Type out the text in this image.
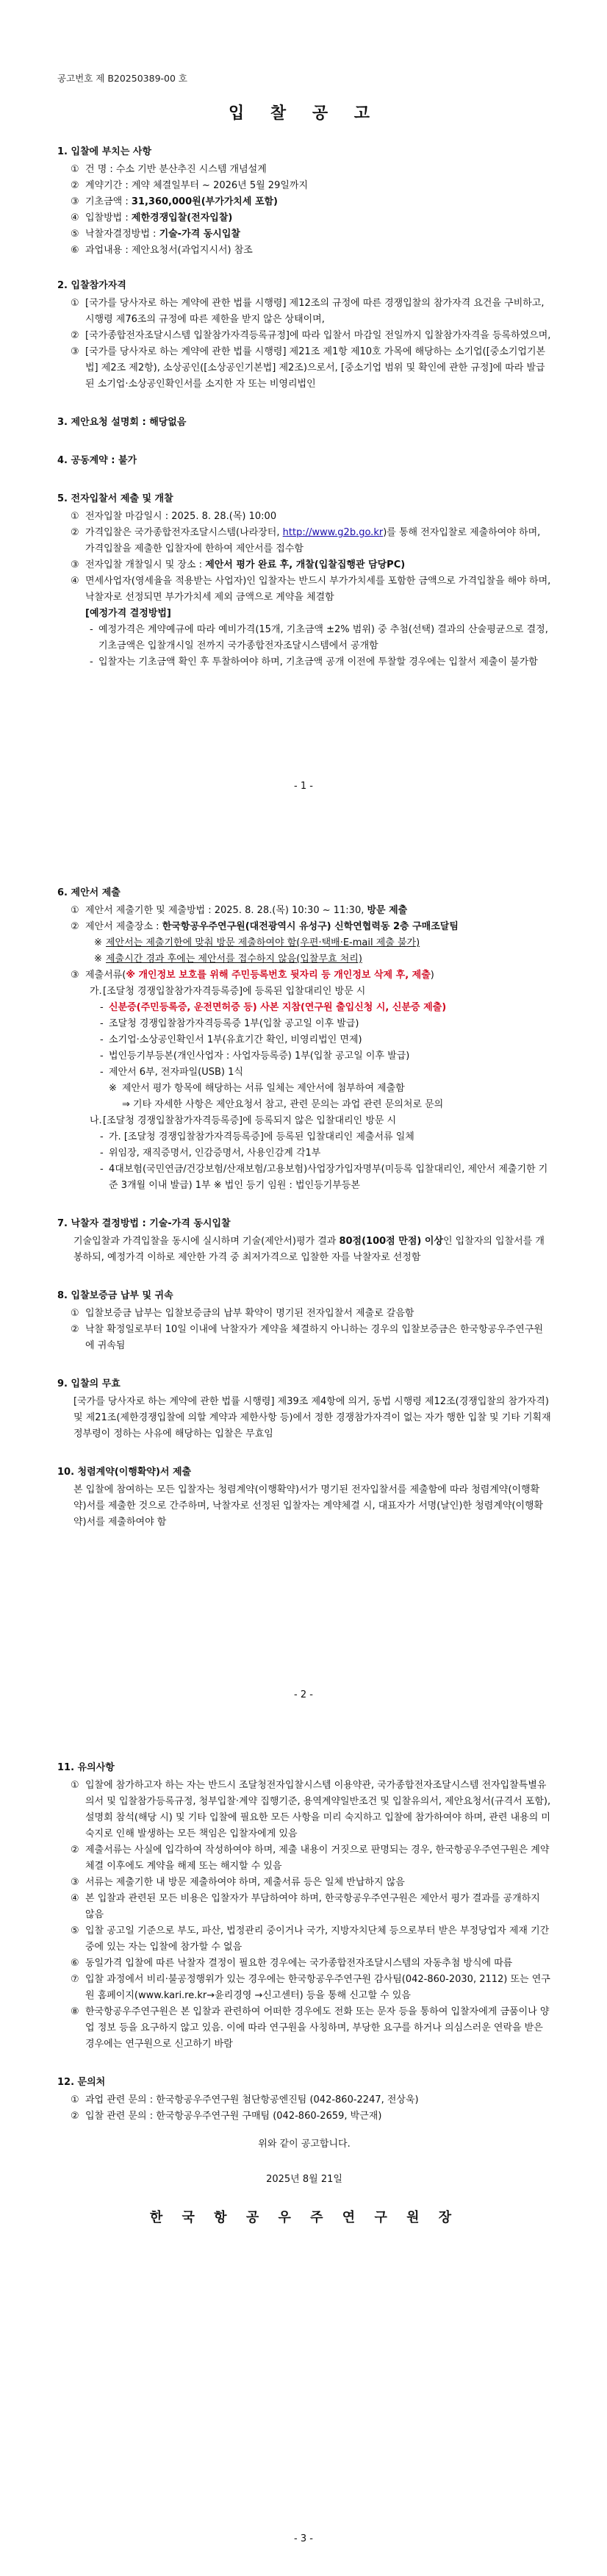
공고번호 제 B20250389-00 호
입 찰 공 고
1. 입찰에 부치는 사항
① 건 명 : 수소 기반 분산추진 시스템 개념설계
② 계약기간 : 계약 체결일부터 ~ 2026년 5월 29일까지
③ 기초금액 : 31,360,000원(부가가치세 포함)
④ 입찰방법 : 제한경쟁입찰(전자입찰)
⑤ 낙찰자결정방법 : 기술-가격 동시입찰
⑥ 과업내용 : 제안요청서(과업지시서) 참조
2. 입찰참가자격
① [국가를 당사자로 하는 계약에 관한 법률 시행령] 제12조의 규정에 따른 경쟁입찰의 참가자격 요건을 구비하고, 시행령 제76조의 규정에 따른 제한을 받지 않은 상태이며,
② [국가종합전자조달시스템 입찰참가자격등록규정]에 따라 입찰서 마감일 전일까지 입찰참가자격을 등록하였으며,
③ [국가를 당사자로 하는 계약에 관한 법률 시행령] 제21조 제1항 제10호 가목에 해당하는 소기업([중소기업기본법] 제2조 제2항), 소상공인([소상공인기본법] 제2조)으로서, [중소기업 범위 및 확인에 관한 규정]에 따라 발급된 소기업·소상공인확인서를 소지한 자 또는 비영리법인
3. 제안요청 설명회 : 해당없음
4. 공동계약 : 불가
5. 전자입찰서 제출 및 개찰
① 전자입찰 마감일시 : 2025. 8. 28.(목) 10:00
② 가격입찰은 국가종합전자조달시스템(나라장터, http://www.g2b.go.kr)를 통해 전자입찰로 제출하여야 하며, 가격입찰을 제출한 입찰자에 한하여 제안서를 접수함
③ 전자입찰 개찰일시 및 장소 : 제안서 평가 완료 후, 개찰(입찰집행관 담당PC)
④ 면세사업자(영세율을 적용받는 사업자)인 입찰자는 반드시 부가가치세를 포함한 금액으로 가격입찰을 해야 하며, 낙찰자로 선정되면 부가가치세 제외 금액으로 계약을 체결함
[예정가격 결정방법]
- 예정가격은 계약예규에 따라 예비가격(15개, 기초금액 ±2% 범위) 중 추첨(선택) 결과의 산술평균으로 결정, 기초금액은 입찰개시일 전까지 국가종합전자조달시스템에서 공개함
- 입찰자는 기초금액 확인 후 투찰하여야 하며, 기초금액 공개 이전에 투찰할 경우에는 입찰서 제출이 불가함
- 1 -
6. 제안서 제출
① 제안서 제출기한 및 제출방법 : 2025. 8. 28.(목) 10:30 ~ 11:30, 방문 제출
② 제안서 제출장소 : 한국항공우주연구원(대전광역시 유성구) 신학연협력동 2층 구매조달팀
※ 제안서는 제출기한에 맞춰 방문 제출하여야 함(우편·택배·E-mail 제출 불가)
※ 제출시간 경과 후에는 제안서를 접수하지 않음(입찰무효 처리)
③ 제출서류(※ 개인정보 보호를 위해 주민등록번호 뒷자리 등 개인정보 삭제 후, 제출)
가. [조달청 경쟁입찰참가자격등록증]에 등록된 입찰대리인 방문 시
- 신분증(주민등록증, 운전면허증 등) 사본 지참(연구원 출입신청 시, 신분증 제출)
- 조달청 경쟁입찰참가자격등록증 1부(입찰 공고일 이후 발급)
- 소기업·소상공인확인서 1부(유효기간 확인, 비영리법인 면제)
- 법인등기부등본(개인사업자 : 사업자등록증) 1부(입찰 공고일 이후 발급)
- 제안서 6부, 전자파일(USB) 1식
※ 제안서 평가 항목에 해당하는 서류 일체는 제안서에 첨부하여 제출함
⇒ 기타 자세한 사항은 제안요청서 참고, 관련 문의는 과업 관련 문의처로 문의
나. [조달청 경쟁입찰참가자격등록증]에 등록되지 않은 입찰대리인 방문 시
- 가. [조달청 경쟁입찰참가자격등록증]에 등록된 입찰대리인 제출서류 일체
- 위임장, 재직증명서, 인감증명서, 사용인감계 각1부
- 4대보험(국민연금/건강보험/산재보험/고용보험)사업장가입자명부(미등록 입찰대리인, 제안서 제출기한 기준 3개월 이내 발급) 1부 ※ 법인 등기 임원 : 법인등기부등본
7. 낙찰자 결정방법 : 기술-가격 동시입찰
기술입찰과 가격입찰을 동시에 실시하며 기술(제안서)평가 결과 80점(100점 만점) 이상인 입찰자의 입찰서를 개봉하되, 예정가격 이하로 제안한 가격 중 최저가격으로 입찰한 자를 낙찰자로 선정함
8. 입찰보증금 납부 및 귀속
① 입찰보증금 납부는 입찰보증금의 납부 확약이 명기된 전자입찰서 제출로 갈음함
② 낙찰 확정일로부터 10일 이내에 낙찰자가 계약을 체결하지 아니하는 경우의 입찰보증금은 한국항공우주연구원에 귀속됨
9. 입찰의 무효
[국가를 당사자로 하는 계약에 관한 법률 시행령] 제39조 제4항에 의거, 동법 시행령 제12조(경쟁입찰의 참가자격) 및 제21조(제한경쟁입찰에 의할 계약과 제한사항 등)에서 정한 경쟁참가자격이 없는 자가 행한 입찰 및 기타 기획재정부령이 정하는 사유에 해당하는 입찰은 무효임
10. 청렴계약(이행확약)서 제출
본 입찰에 참여하는 모든 입찰자는 청렴계약(이행확약)서가 명기된 전자입찰서를 제출함에 따라 청렴계약(이행확약)서를 제출한 것으로 간주하며, 낙찰자로 선정된 입찰자는 계약체결 시, 대표자가 서명(날인)한 청렴계약(이행확약)서를 제출하여야 함
- 2 -
11. 유의사항
① 입찰에 참가하고자 하는 자는 반드시 조달청전자입찰시스템 이용약관, 국가종합전자조달시스템 전자입찰특별유의서 및 입찰참가등록규정, 청부입찰·계약 집행기준, 용역계약일반조건 및 입찰유의서, 제안요청서(규격서 포함), 설명회 참석(해당 시) 및 기타 입찰에 필요한 모든 사항을 미리 숙지하고 입찰에 참가하여야 하며, 관련 내용의 미숙지로 인해 발생하는 모든 책임은 입찰자에게 있음
② 제출서류는 사실에 입각하여 작성하여야 하며, 제출 내용이 거짓으로 판명되는 경우, 한국항공우주연구원은 계약 체결 이후에도 계약을 해제 또는 해지할 수 있음
③ 서류는 제출기한 내 방문 제출하여야 하며, 제출서류 등은 일체 반납하지 않음
④ 본 입찰과 관련된 모든 비용은 입찰자가 부담하여야 하며, 한국항공우주연구원은 제안서 평가 결과를 공개하지 않음
⑤ 입찰 공고일 기준으로 부도, 파산, 법정관리 중이거나 국가, 지방자치단체 등으로부터 받은 부정당업자 제재 기간 중에 있는 자는 입찰에 참가할 수 없음
⑥ 동일가격 입찰에 따른 낙찰자 결정이 필요한 경우에는 국가종합전자조달시스템의 자동추첨 방식에 따름
⑦ 입찰 과정에서 비리·불공정행위가 있는 경우에는 한국항공우주연구원 감사팀(042-860-2030, 2112) 또는 연구원 홈페이지(www.kari.re.kr→윤리경영 →신고센터) 등을 통해 신고할 수 있음
⑧ 한국항공우주연구원은 본 입찰과 관련하여 어떠한 경우에도 전화 또는 문자 등을 통하여 입찰자에게 금품이나 양업 정보 등을 요구하지 않고 있음. 이에 따라 연구원을 사칭하며, 부당한 요구를 하거나 의심스러운 연락을 받은 경우에는 연구원으로 신고하기 바람
12. 문의처
① 과업 관련 문의 : 한국항공우주연구원 첨단항공엔진팀 (042-860-2247, 전상욱)
② 입찰 관련 문의 : 한국항공우주연구원 구매팀 (042-860-2659, 박근재)
위와 같이 공고합니다.
2025년 8월 21일
한 국 항 공 우 주 연 구 원 장
- 3 -
